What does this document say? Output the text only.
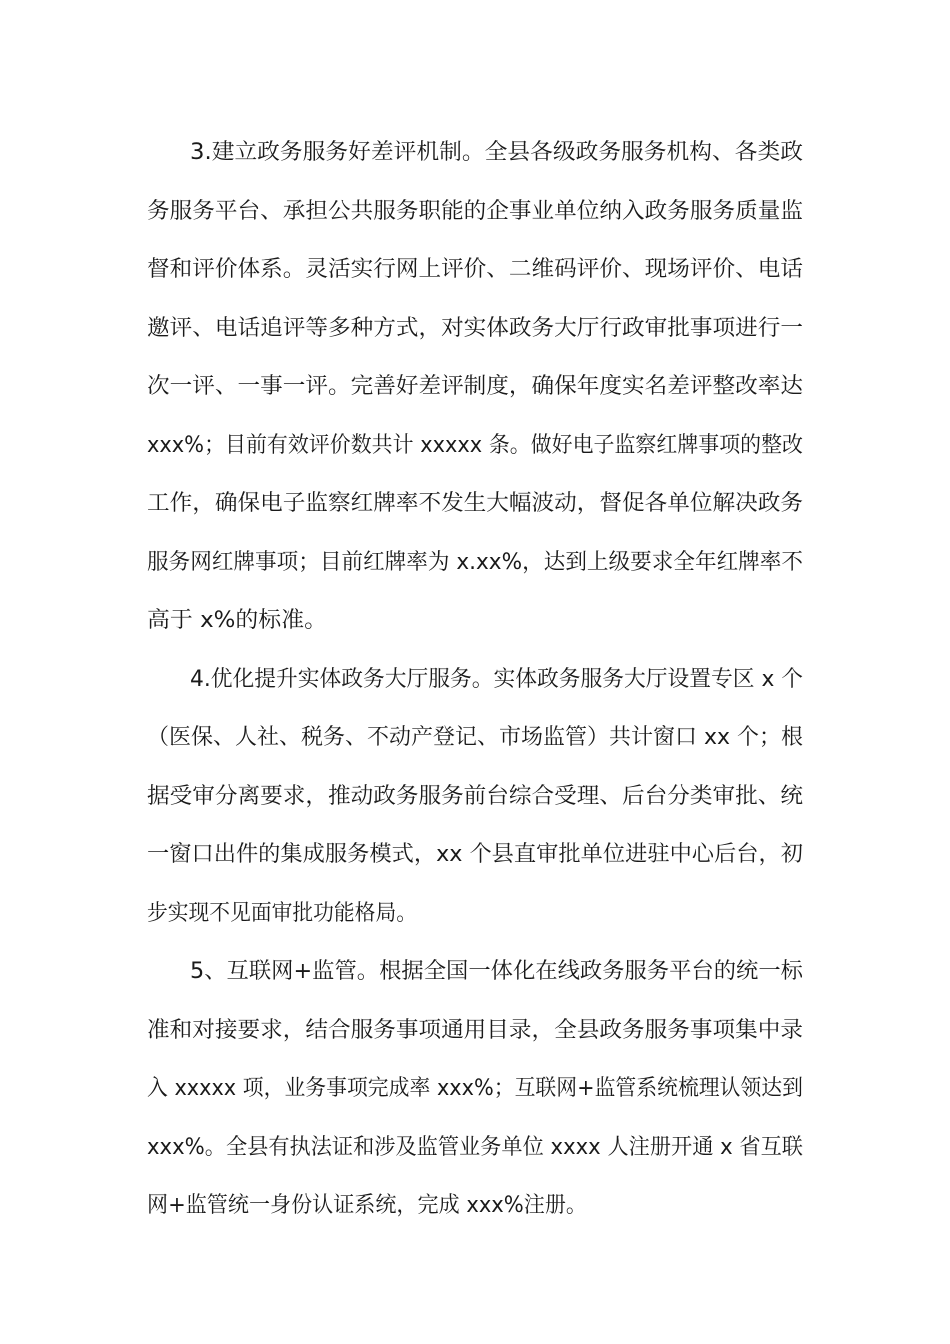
3.建立政务服务好差评机制。全县各级政务服务机构、各类政
务服务平台、承担公共服务职能的企事业单位纳入政务服务质量监
督和评价体系。灵活实行网上评价、二维码评价、现场评价、电话
邀评、电话追评等多种方式，对实体政务大厅行政审批事项进行一
次一评、一事一评。完善好差评制度，确保年度实名差评整改率达
xxx%；目前有效评价数共计 xxxxx 条。做好电子监察红牌事项的整改
工作，确保电子监察红牌率不发生大幅波动，督促各单位解决政务
服务网红牌事项；目前红牌率为 x.xx%，达到上级要求全年红牌率不
高于 x%的标准。
4.优化提升实体政务大厅服务。实体政务服务大厅设置专区 x 个
（医保、人社、税务、不动产登记、市场监管）共计窗口 xx 个；根
据受审分离要求，推动政务服务前台综合受理、后台分类审批、统
一窗口出件的集成服务模式，xx 个县直审批单位进驻中心后台，初
步实现不见面审批功能格局。
5、互联网+监管。根据全国一体化在线政务服务平台的统一标
准和对接要求，结合服务事项通用目录，全县政务服务事项集中录
入 xxxxx 项，业务事项完成率 xxx%；互联网+监管系统梳理认领达到
xxx%。全县有执法证和涉及监管业务单位 xxxx 人注册开通 x 省互联
网+监管统一身份认证系统，完成 xxx%注册。
